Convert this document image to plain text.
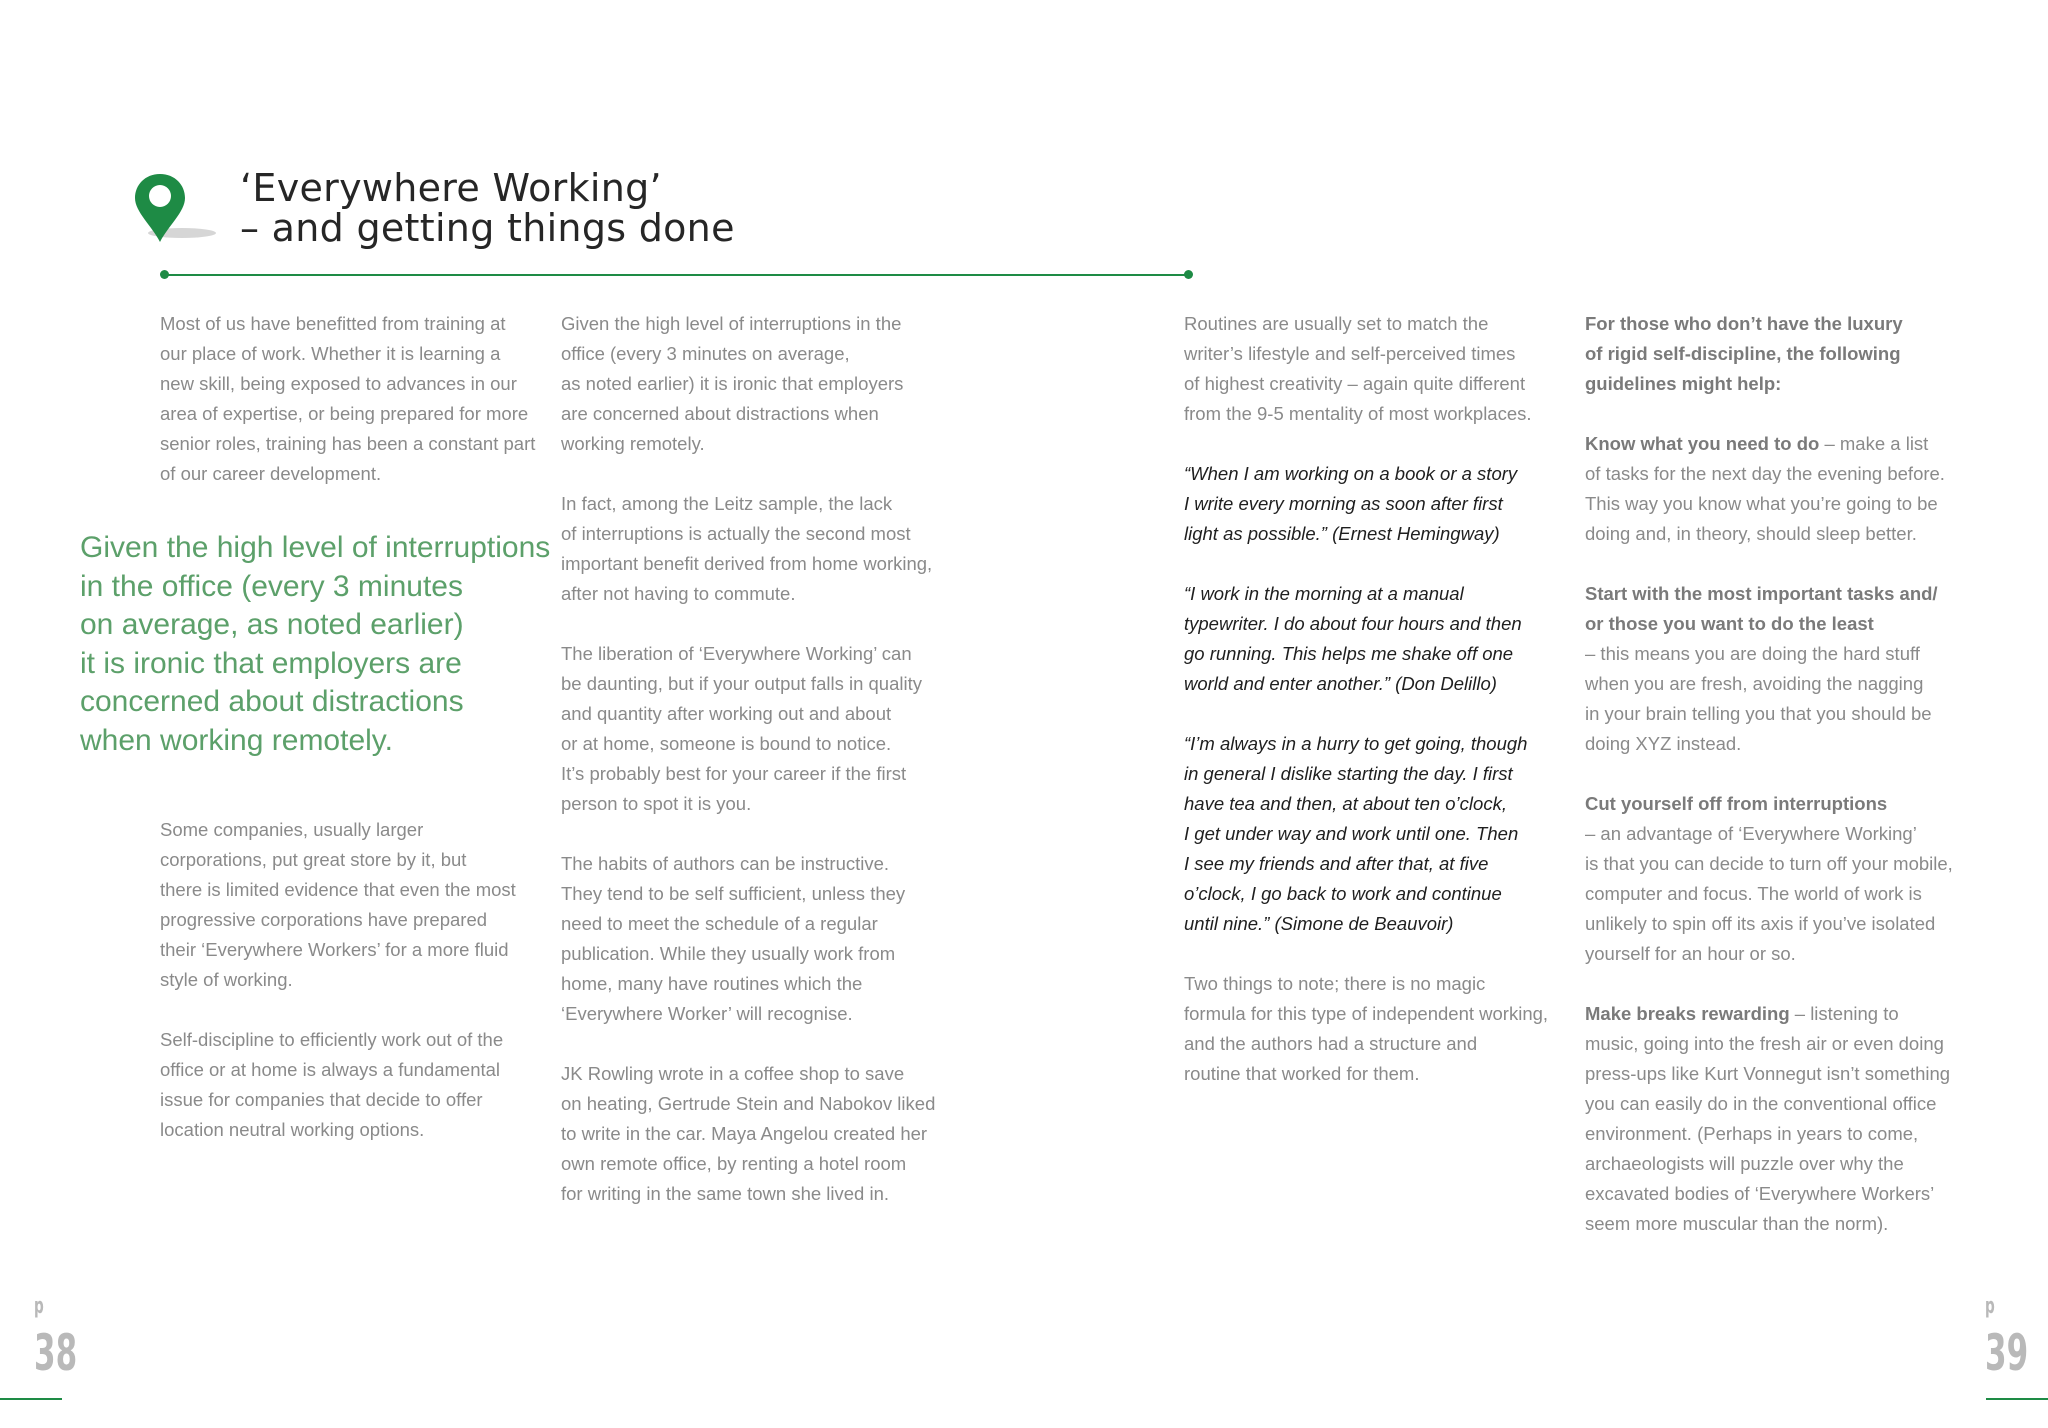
‘Everywhere Working’
– and getting things done

Most of us have benefitted from training at
our place of work. Whether it is learning a
new skill, being exposed to advances in our
area of expertise, or being prepared for more
senior roles, training has been a constant part
of our career development.

Given the high level of interruptions
in the office (every 3 minutes
on average, as noted earlier)
it is ironic that employers are
concerned about distractions
when working remotely.

Some companies, usually larger
corporations, put great store by it, but
there is limited evidence that even the most
progressive corporations have prepared
their ‘Everywhere Workers’ for a more fluid
style of working.

Self-discipline to efficiently work out of the
office or at home is always a fundamental
issue for companies that decide to offer
location neutral working options.

Given the high level of interruptions in the
office (every 3 minutes on average,
as noted earlier) it is ironic that employers
are concerned about distractions when
working remotely.

In fact, among the Leitz sample, the lack
of interruptions is actually the second most
important benefit derived from home working,
after not having to commute.

The liberation of ‘Everywhere Working’ can
be daunting, but if your output falls in quality
and quantity after working out and about
or at home, someone is bound to notice.
It’s probably best for your career if the first
person to spot it is you.

The habits of authors can be instructive.
They tend to be self sufficient, unless they
need to meet the schedule of a regular
publication. While they usually work from
home, many have routines which the
‘Everywhere Worker’ will recognise.

JK Rowling wrote in a coffee shop to save
on heating, Gertrude Stein and Nabokov liked
to write in the car. Maya Angelou created her
own remote office, by renting a hotel room
for writing in the same town she lived in.

Routines are usually set to match the
writer’s lifestyle and self-perceived times
of highest creativity – again quite different
from the 9-5 mentality of most workplaces.

“When I am working on a book or a story
I write every morning as soon after first
light as possible.” (Ernest Hemingway)

“I work in the morning at a manual
typewriter. I do about four hours and then
go running. This helps me shake off one
world and enter another.” (Don Delillo)

“I’m always in a hurry to get going, though
in general I dislike starting the day. I first
have tea and then, at about ten o’clock,
I get under way and work until one. Then
I see my friends and after that, at five
o’clock, I go back to work and continue
until nine.” (Simone de Beauvoir)

Two things to note; there is no magic
formula for this type of independent working,
and the authors had a structure and
routine that worked for them.

For those who don’t have the luxury
of rigid self-discipline, the following
guidelines might help:

Know what you need to do – make a list
of tasks for the next day the evening before.
This way you know what you’re going to be
doing and, in theory, should sleep better.

Start with the most important tasks and/
or those you want to do the least
– this means you are doing the hard stuff
when you are fresh, avoiding the nagging
in your brain telling you that you should be
doing XYZ instead.

Cut yourself off from interruptions
– an advantage of ‘Everywhere Working’
is that you can decide to turn off your mobile,
computer and focus. The world of work is
unlikely to spin off its axis if you’ve isolated
yourself for an hour or so.

Make breaks rewarding – listening to
music, going into the fresh air or even doing
press-ups like Kurt Vonnegut isn’t something
you can easily do in the conventional office
environment. (Perhaps in years to come,
archaeologists will puzzle over why the
excavated bodies of ‘Everywhere Workers’
seem more muscular than the norm).

p
38
p
39
